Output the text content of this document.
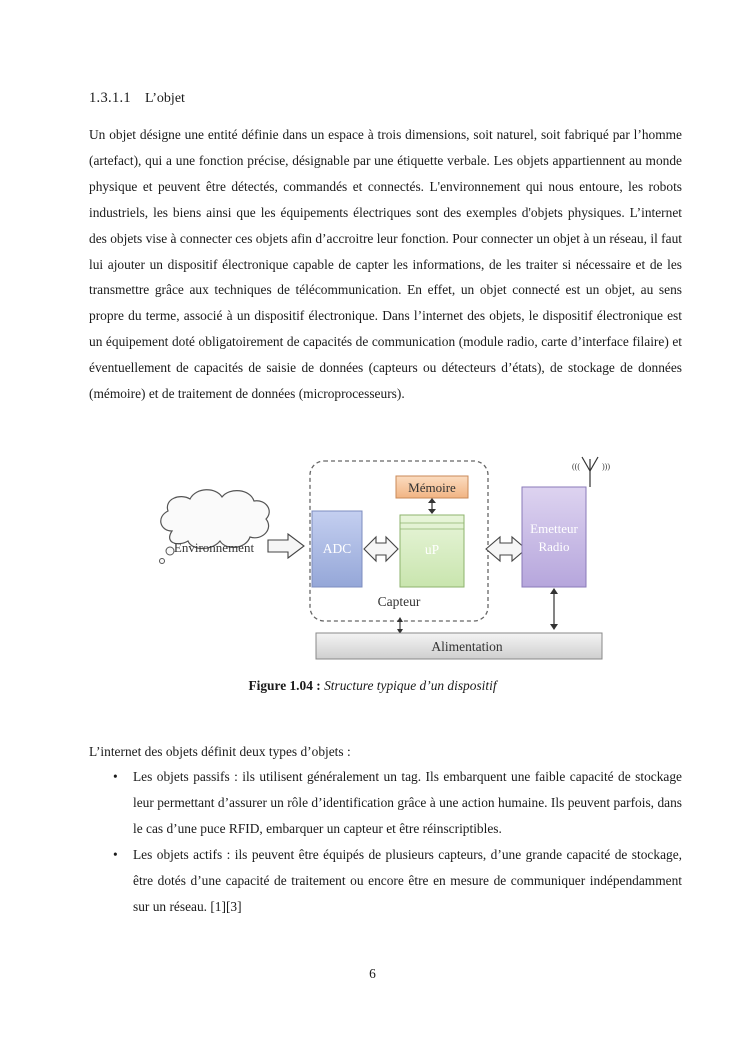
1.3.1.1 L’objet

Un objet désigne une entité définie dans un espace à trois dimensions, soit naturel, soit fabriqué par l’homme (artefact), qui a une fonction précise, désignable par une étiquette verbale. Les objets appartiennent au monde physique et peuvent être détectés, commandés et connectés. L'environnement qui nous entoure, les robots industriels, les biens ainsi que les équipements électriques sont des exemples d'objets physiques. L’internet des objets vise à connecter ces objets afin d’accroitre leur fonction. Pour connecter un objet à un réseau, il faut lui ajouter un dispositif électronique capable de capter les informations, de les traiter si nécessaire et de les transmettre grâce aux techniques de télécommunication. En effet, un objet connecté est un objet, au sens propre du terme, associé à un dispositif électronique. Dans l’internet des objets, le dispositif électronique est un équipement doté obligatoirement de capacités de communication (module radio, carte d’interface filaire) et éventuellement de capacités de saisie de données (capteurs ou détecteurs d’états), de stockage de données (mémoire) et de traitement de données (microprocesseurs).

Environnement	ADC
Mémoire
uP
Emetteur
Radio
(((	)))
Capteur
Alimentation
Figure 1.04 : Structure typique d’un dispositif

L’internet des objets définit deux types d’objets :

• Les objets passifs : ils utilisent généralement un tag. Ils embarquent une faible capacité de stockage leur permettant d’assurer un rôle d’identification grâce à une action humaine. Ils peuvent parfois, dans le cas d’une puce RFID, embarquer un capteur et être réinscriptibles.
• Les objets actifs : ils peuvent être équipés de plusieurs capteurs, d’une grande capacité de stockage, être dotés d’une capacité de traitement ou encore être en mesure de communiquer indépendamment sur un réseau. [1][3]
6
